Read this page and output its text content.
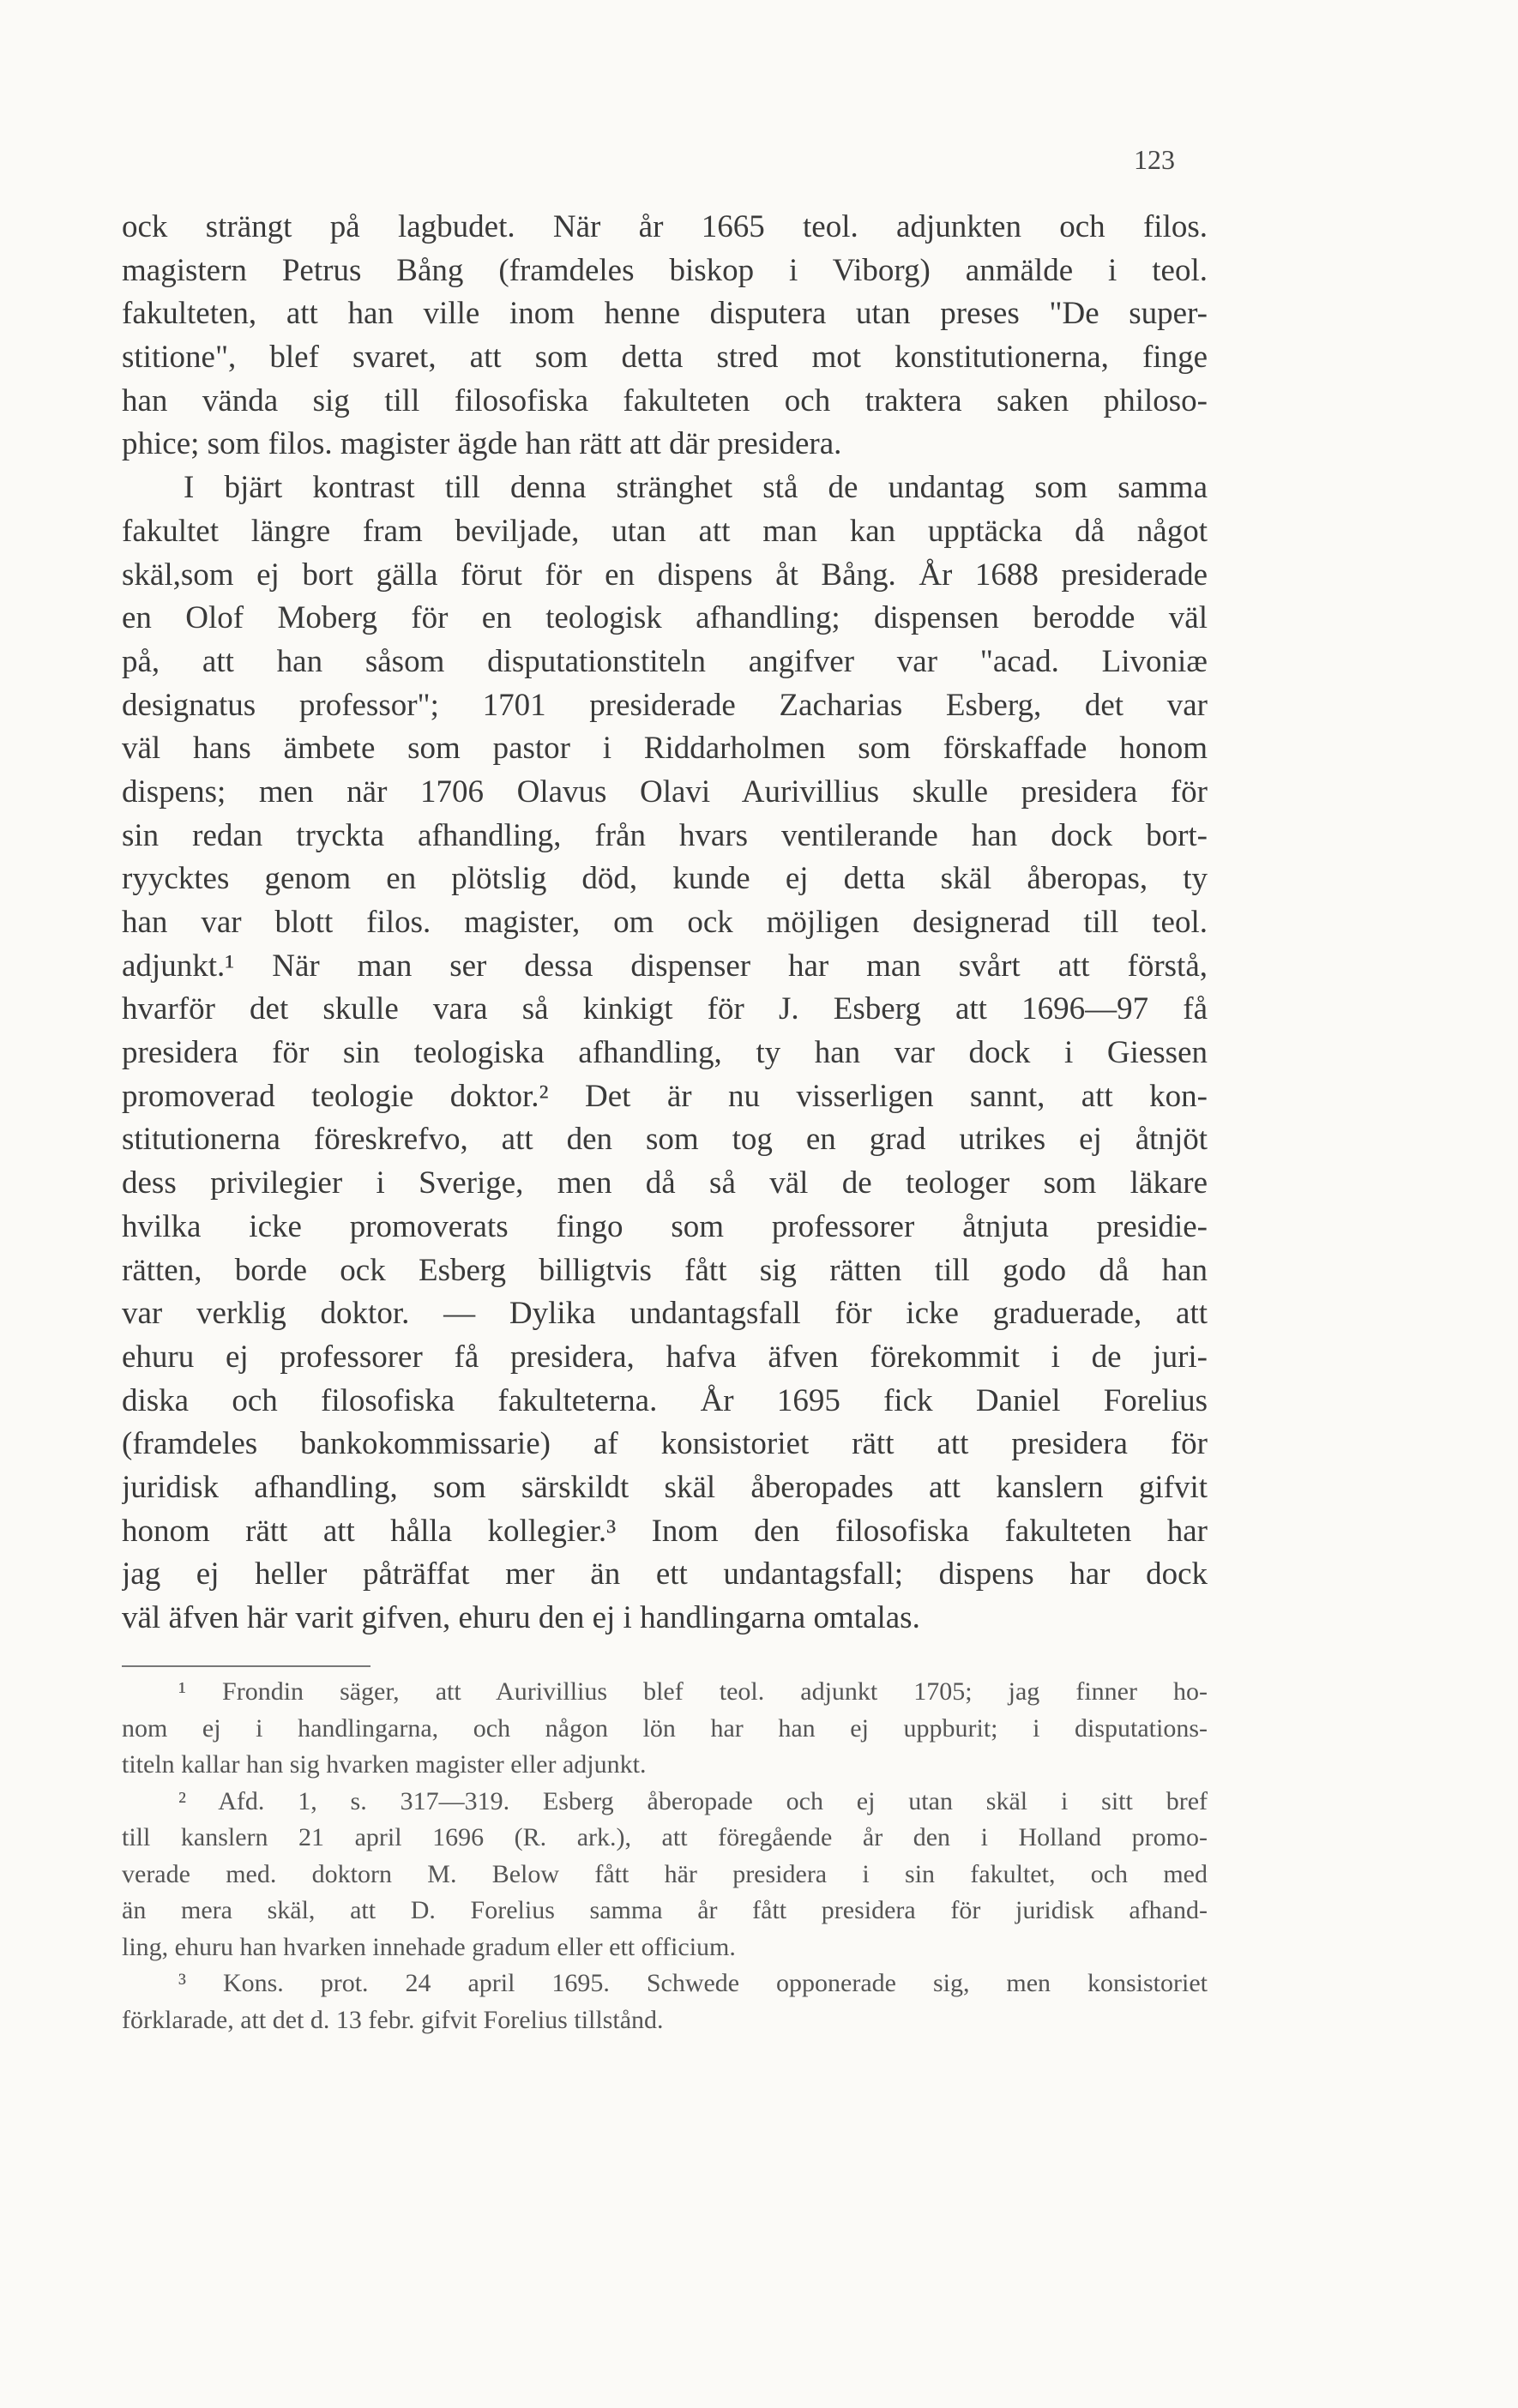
123
ock strängt på lagbudet. När år 1665 teol. adjunkten och filos.
magistern Petrus Bång (framdeles biskop i Viborg) anmälde i teol.
fakulteten, att han ville inom henne disputera utan preses "De super-
stitione", blef svaret, att som detta stred mot konstitutionerna, finge
han vända sig till filosofiska fakulteten och traktera saken philoso-
phice; som filos. magister ägde han rätt att där presidera.
I bjärt kontrast till denna stränghet stå de undantag som samma
fakultet längre fram beviljade, utan att man kan upptäcka då något
skäl,som ej bort gälla förut för en dispens åt Bång. År 1688 presiderade
en Olof Moberg för en teologisk afhandling; dispensen berodde väl
på, att han såsom disputationstiteln angifver var "acad. Livoniæ
designatus professor"; 1701 presiderade Zacharias Esberg, det var
väl hans ämbete som pastor i Riddarholmen som förskaffade honom
dispens; men när 1706 Olavus Olavi Aurivillius skulle presidera för
sin redan tryckta afhandling, från hvars ventilerande han dock bort-
ryycktes genom en plötslig död, kunde ej detta skäl åberopas, ty
han var blott filos. magister, om ock möjligen designerad till teol.
adjunkt.¹ När man ser dessa dispenser har man svårt att förstå,
hvarför det skulle vara så kinkigt för J. Esberg att 1696—97 få
presidera för sin teologiska afhandling, ty han var dock i Giessen
promoverad teologie doktor.² Det är nu visserligen sannt, att kon-
stitutionerna föreskrefvo, att den som tog en grad utrikes ej åtnjöt
dess privilegier i Sverige, men då så väl de teologer som läkare
hvilka icke promoverats fingo som professorer åtnjuta presidie-
rätten, borde ock Esberg billigtvis fått sig rätten till godo då han
var verklig doktor. — Dylika undantagsfall för icke graduerade, att
ehuru ej professorer få presidera, hafva äfven förekommit i de juri-
diska och filosofiska fakulteterna. År 1695 fick Daniel Forelius
(framdeles bankokommissarie) af konsistoriet rätt att presidera för
juridisk afhandling, som särskildt skäl åberopades att kanslern gifvit
honom rätt att hålla kollegier.³ Inom den filosofiska fakulteten har
jag ej heller påträffat mer än ett undantagsfall; dispens har dock
väl äfven här varit gifven, ehuru den ej i handlingarna omtalas.
¹ Frondin säger, att Aurivillius blef teol. adjunkt 1705; jag finner ho-
nom ej i handlingarna, och någon lön har han ej uppburit; i disputations-
titeln kallar han sig hvarken magister eller adjunkt.
² Afd. 1, s. 317—319. Esberg åberopade och ej utan skäl i sitt bref
till kanslern 21 april 1696 (R. ark.), att föregående år den i Holland promo-
verade med. doktorn M. Below fått här presidera i sin fakultet, och med
än mera skäl, att D. Forelius samma år fått presidera för juridisk afhand-
ling, ehuru han hvarken innehade gradum eller ett officium.
³ Kons. prot. 24 april 1695. Schwede opponerade sig, men konsistoriet
förklarade, att det d. 13 febr. gifvit Forelius tillstånd.
